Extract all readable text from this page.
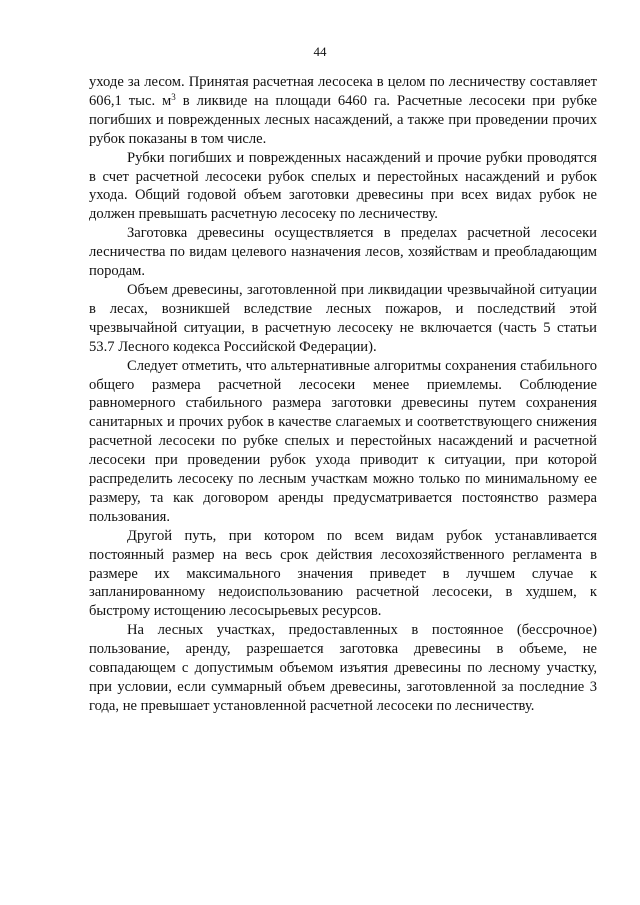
44

уходе за лесом. Принятая расчетная лесосека в целом по лесничеству составляет 606,1 тыс. $м^3$ в ликвиде на площади 6460 га. Расчетные лесосеки при рубке погибших и поврежденных лесных насаждений, а также при проведении прочих рубок показаны в том числе.

Рубки погибших и поврежденных насаждений и прочие рубки проводятся в счет расчетной лесосеки рубок спелых и перестойных насаждений и рубок ухода. Общий годовой объем заготовки древесины при всех видах рубок не должен превышать расчетную лесосеку по лесничеству.

Заготовка древесины осуществляется в пределах расчетной лесосеки лесничества по видам целевого назначения лесов, хозяйствам и преобладающим породам.

Объем древесины, заготовленной при ликвидации чрезвычайной ситуации в лесах, возникшей вследствие лесных пожаров, и последствий этой чрезвычайной ситуации, в расчетную лесосеку не включается (часть 5 статьи 53.7 Лесного кодекса Российской Федерации).

Следует отметить, что альтернативные алгоритмы сохранения стабильного общего размера расчетной лесосеки менее приемлемы. Соблюдение равномерного стабильного размера заготовки древесины путем сохранения санитарных и прочих рубок в качестве слагаемых и соответствующего снижения расчетной лесосеки по рубке спелых и перестойных насаждений и расчетной лесосеки при проведении рубок ухода приводит к ситуации, при которой распределить лесосеку по лесным участкам можно только по минимальному ее размеру, та как договором аренды предусматривается постоянство размера пользования.

Другой путь, при котором по всем видам рубок устанавливается постоянный размер на весь срок действия лесохозяйственного регламента в размере их максимального значения приведет в лучшем случае к запланированному недоиспользованию расчетной лесосеки, в худшем, к быстрому истощению лесосырьевых ресурсов.

На лесных участках, предоставленных в постоянное (бессрочное) пользование, аренду, разрешается заготовка древесины в объеме, не совпадающем с допустимым объемом изъятия древесины по лесному участку, при условии, если суммарный объем древесины, заготовленной за последние 3 года, не превышает установленной расчетной лесосеки по лесничеству.
